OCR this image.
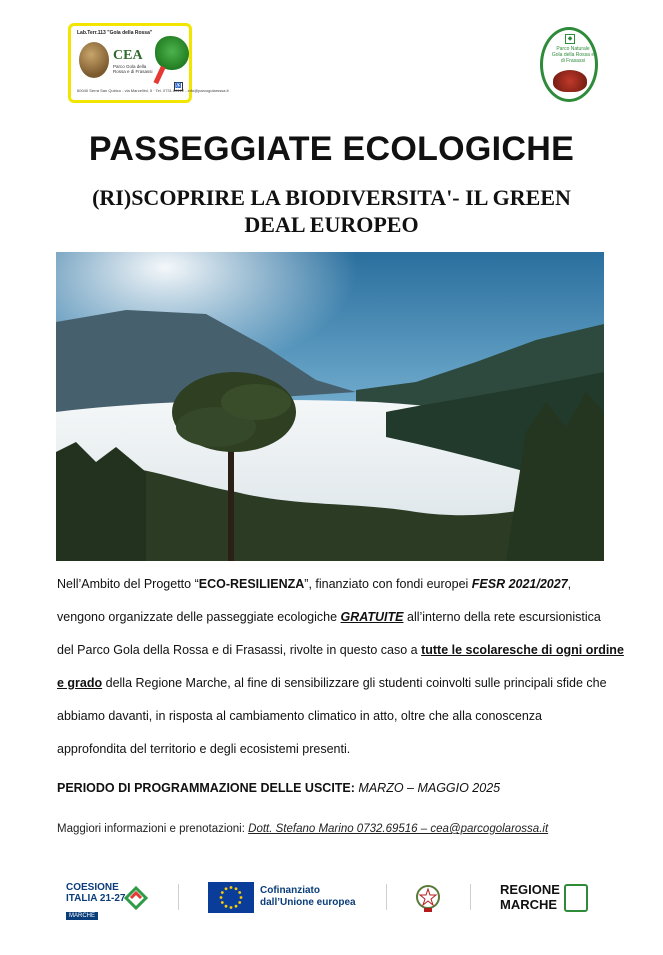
Lab.Terr.113 "Gola della Rossa"
CEA
Parco Gola della Rossa e di Frasassi
60040 Serra San Quirico - via Marcellini, 5 · Tel. 0731.86122 - info@parcogolarossa.it
♿
◆
Parco Naturale Gola della Rossa e di Frasassi
PASSEGGIATE ECOLOGICHE
(RI)SCOPRIRE LA BIODIVERSITA'- IL GREEN DEAL EUROPEO
Nell’Ambito del Progetto “ECO-RESILIENZA”, finanziato con fondi europei FESR 2021/2027,
vengono organizzate delle passeggiate ecologiche GRATUITE all’interno della rete escursionistica
del Parco Gola della Rossa e di Frasassi, rivolte in questo caso a tutte le scolaresche di ogni ordine
e grado della Regione Marche, al fine di sensibilizzare gli studenti coinvolti sulle principali sfide che
abbiamo davanti, in risposta al cambiamento climatico in atto, oltre che alla conoscenza
approfondita del territorio e degli ecosistemi presenti.
PERIODO DI PROGRAMMAZIONE DELLE USCITE: MARZO – MAGGIO 2025
Maggiori informazioni e prenotazioni: Dott. Stefano Marino 0732.69516 – cea@parcogolarossa.it
COESIONE
ITALIA 21-27
MARCHE
Cofinanziato
dall’Unione europea
REGIONE
MARCHE
